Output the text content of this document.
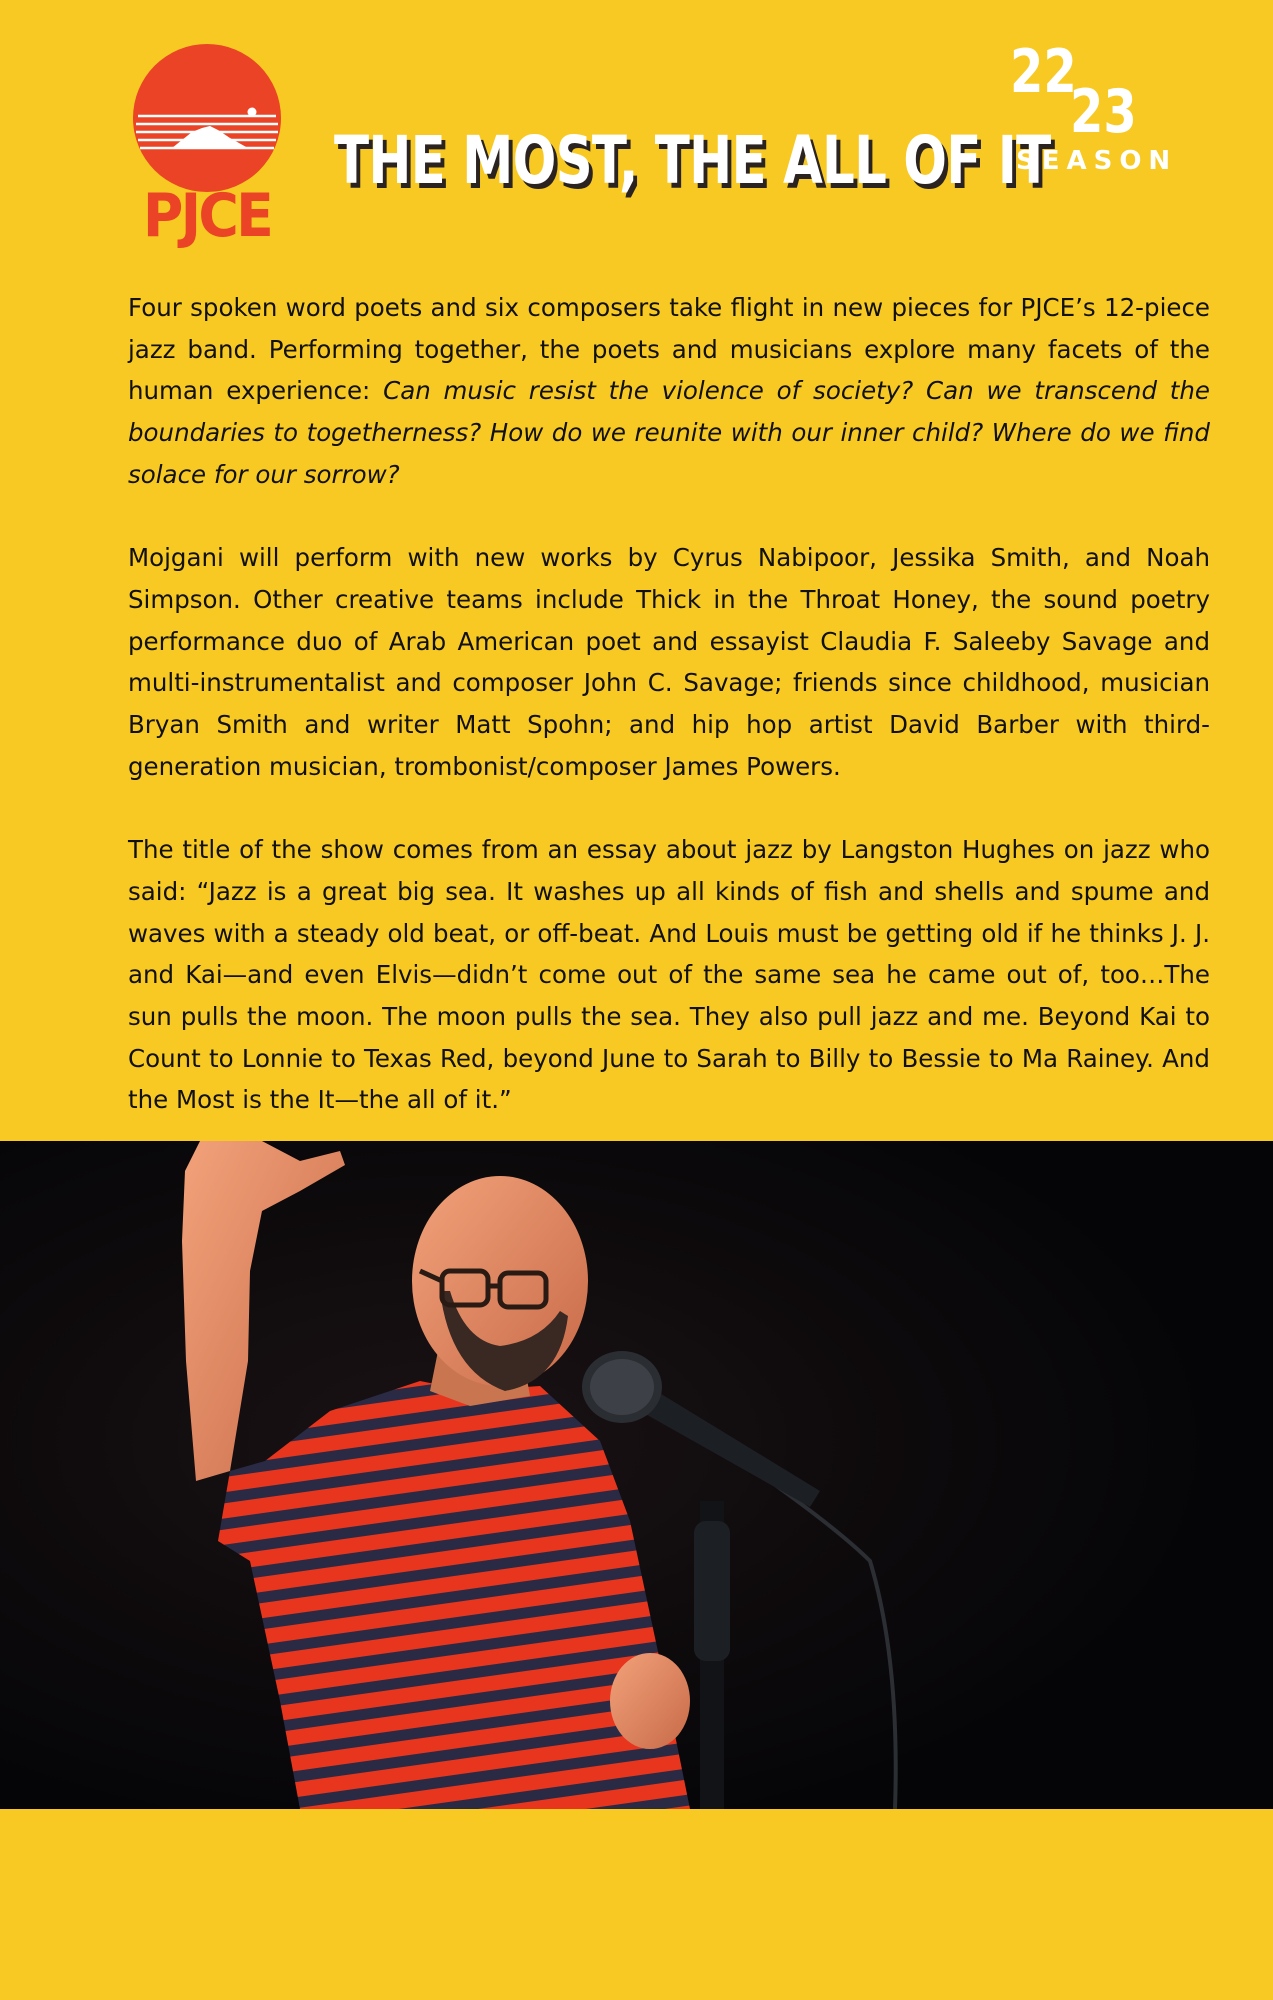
PJCE
THE MOST, THE ALL OF IT
22
23
SEASON

Four spoken word poets and six composers take flight in new pieces for PJCE’s 12-piece jazz band. Performing together, the poets and musicians explore many facets of the human experience: Can music resist the violence of society? Can we transcend the boundaries to togetherness? How do we reunite with our inner child? Where do we find solace for our sorrow?

Mojgani will perform with new works by Cyrus Nabipoor, Jessika Smith, and Noah Simpson. Other creative teams include Thick in the Throat Honey, the sound poetry performance duo of Arab American poet and essayist Claudia F. Saleeby Savage and multi-instrumentalist and composer John C. Savage; friends since childhood, musician Bryan Smith and writer Matt Spohn; and hip hop artist David Barber with third-generation musician, trombonist/composer James Powers.

The title of the show comes from an essay about jazz by Langston Hughes on jazz who said: “Jazz is a great big sea. It washes up all kinds of fish and shells and spume and waves with a steady old beat, or off-beat. And Louis must be getting old if he thinks J. J. and Kai—and even Elvis—didn’t come out of the same sea he came out of, too…The sun pulls the moon. The moon pulls the sea. They also pull jazz and me. Beyond Kai to Count to Lonnie to Texas Red, beyond June to Sarah to Billy to Bessie to Ma Rainey. And the Most is the It—the all of it.”
